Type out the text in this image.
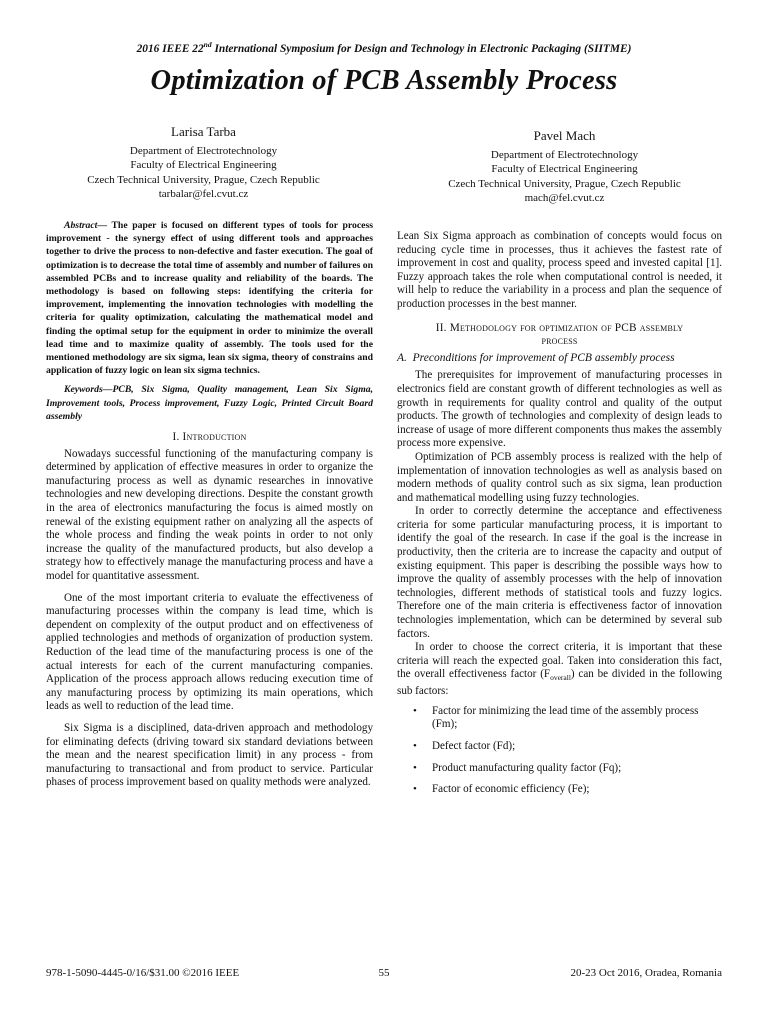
2016 IEEE 22nd International Symposium for Design and Technology in Electronic Packaging (SIITME)
Optimization of PCB Assembly Process
Larisa Tarba
Department of Electrotechnology
Faculty of Electrical Engineering
Czech Technical University, Prague, Czech Republic
tarbalar@fel.cvut.cz
Pavel Mach
Department of Electrotechnology
Faculty of Electrical Engineering
Czech Technical University, Prague, Czech Republic
mach@fel.cvut.cz

Abstract— The paper is focused on different types of tools for process improvement - the synergy effect of using different tools and approaches together to drive the process to non-defective and faster execution. The goal of optimization is to decrease the total time of assembly and number of failures on assembled PCBs and to increase quality and reliability of the boards. The methodology is based on following steps: identifying the criteria for improvement, implementing the innovation technologies with modelling the criteria for quality optimization, calculating the mathematical model and finding the optimal setup for the equipment in order to minimize the overall lead time and to maximize quality of assembly. The tools used for the mentioned methodology are six sigma, lean six sigma, theory of constrains and application of fuzzy logic on lean six sigma technics.

Keywords—PCB, Six Sigma, Quality management, Lean Six Sigma, Improvement tools, Process improvement, Fuzzy Logic, Printed Circuit Board assembly

I. Introduction

Nowadays successful functioning of the manufacturing company is determined by application of effective measures in order to organize the manufacturing process as well as dynamic researches in innovative technologies and new developing directions. Despite the constant growth in the area of electronics manufacturing the focus is aimed mostly on renewal of the existing equipment rather on analyzing all the aspects of the whole process and finding the weak points in order to not only increase the quality of the manufactured products, but also develop a strategy how to effectively manage the manufacturing process and have a model for quantitative assessment.

One of the most important criteria to evaluate the effectiveness of manufacturing processes within the company is lead time, which is dependent on complexity of the output product and on effectiveness of applied technologies and methods of organization of production system. Reduction of the lead time of the manufacturing process is one of the actual interests for each of the current manufacturing companies. Application of the process approach allows reducing execution time of any manufacturing process by optimizing its main operations, which leads as well to reduction of the lead time.

Six Sigma is a disciplined, data-driven approach and methodology for eliminating defects (driving toward six standard deviations between the mean and the nearest specification limit) in any process - from manufacturing to transactional and from product to service. Particular phases of process improvement based on quality methods were analyzed.

Lean Six Sigma approach as combination of concepts would focus on reducing cycle time in processes, thus it achieves the fastest rate of improvement in cost and quality, process speed and invested capital [1]. Fuzzy approach takes the role when computational control is needed, it will help to reduce the variability in a process and plan the sequence of production processes in the best manner.

II. Methodology for optimization of PCB assembly
process

A. Preconditions for improvement of PCB assembly process

The prerequisites for improvement of manufacturing processes in electronics field are constant growth of different technologies as well as growth in requirements for quality control and quality of the output products. The growth of technologies and complexity of design leads to increase of usage of more different components thus makes the assembly process more expensive.

Optimization of PCB assembly process is realized with the help of implementation of innovation technologies as well as analysis based on modern methods of quality control such as six sigma, lean production and mathematical modelling using fuzzy technologies.

In order to correctly determine the acceptance and effectiveness criteria for some particular manufacturing process, it is important to identify the goal of the research. In case if the goal is the increase in productivity, then the criteria are to increase the capacity and output of existing equipment. This paper is describing the possible ways how to improve the quality of assembly processes with the help of innovation technologies, different methods of statistical tools and fuzzy logics. Therefore one of the main criteria is effectiveness factor of innovation technologies implementation, which can be determined by several sub factors.

In order to choose the correct criteria, it is important that these criteria will reach the expected goal. Taken into consideration this fact, the overall effectiveness factor $(F_{overall})$ can be divided in the following sub factors:

• Factor for minimizing the lead time of the assembly process (Fm);
• Defect factor (Fd);
• Product manufacturing quality factor (Fq);
• Factor of economic efficiency (Fe);
978-1-5090-4445-0/16/$31.00 ©2016 IEEE	55	20-23 Oct 2016, Oradea, Romania
